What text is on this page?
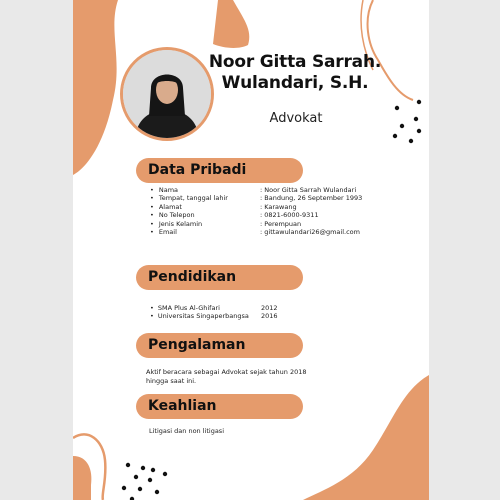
Noor Gitta Sarrah. Wulandari, S.H.
Advokat
Data Pribadi
• Nama	: Noor Gitta Sarrah Wulandari
• Tempat, tanggal lahir	: Bandung, 26 September 1993
• Alamat	: Karawang
• No Telepon	: 0821-6000-9311
• Jenis Kelamin	: Perempuan
• Email	: gittawulandari26@gmail.com
Pendidikan
• SMA Plus Al-Ghifari	2012
• Universitas Singaperbangsa	2016
Pengalaman
Aktif beracara sebagai Advokat sejak tahun 2018 hingga saat ini.
Keahlian
Litigasi dan non litigasi
